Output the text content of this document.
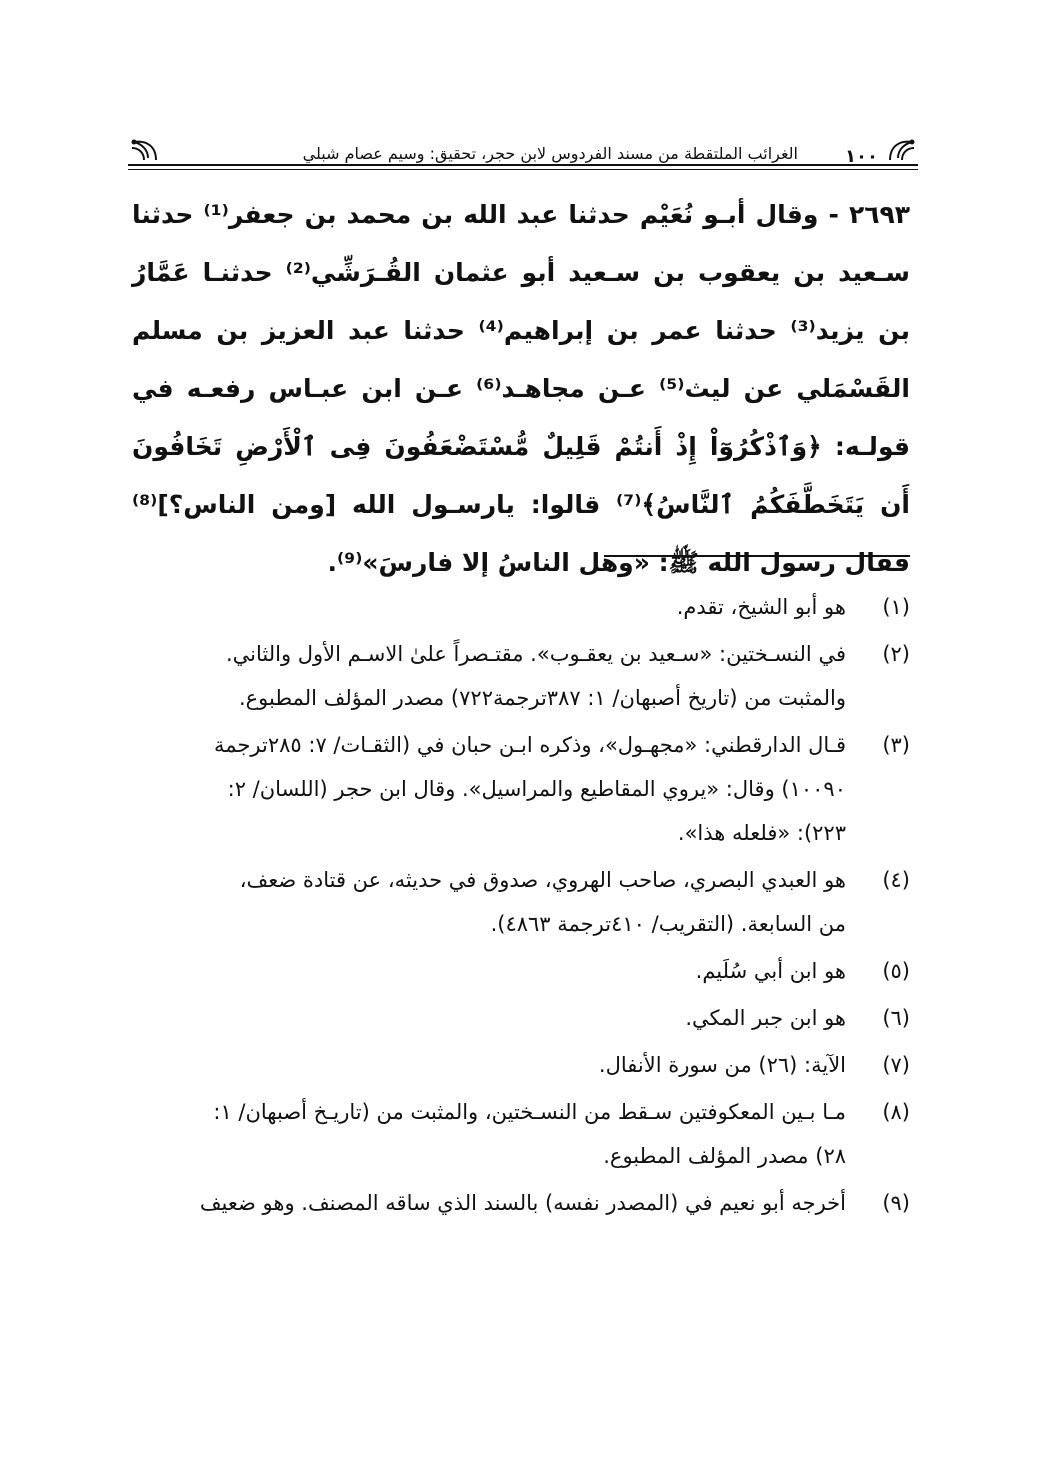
١٠٠
الغرائب الملتقطة من مسند الفردوس لابن حجر، تحقيق: وسيم عصام شبلي

٢٦٩٣ - وقال أبـو نُعَيْم حدثنا عبد الله بن محمد بن جعفر⁽¹⁾ حدثنا سـعيد بن يعقوب بن سـعيد أبو عثمان القُـرَشِّي⁽²⁾ حدثنـا عَمَّارُ بن يزيد⁽³⁾ حدثنا عمر بن إبراهيم⁽⁴⁾ حدثنا عبد العزيز بن مسلم القَسْمَلي عن ليث⁽⁵⁾ عـن مجاهـد⁽⁶⁾ عـن ابن عبـاس رفعـه في قولـه: ﴿وَٱذْكُرُوٓاْ إِذْ أَنتُمْ قَلِيلٌ مُّسْتَضْعَفُونَ فِى ٱلْأَرْضِ تَخَافُونَ أَن يَتَخَطَّفَكُمُ ٱلنَّاسُ﴾⁽⁷⁾ قالوا: يارسـول الله [ومن الناس؟]⁽⁸⁾ فقال رسول الله ﷺ: «وهل الناسُ إلا فارسَ»⁽⁹⁾.

(١)
هو أبو الشيخ، تقدم.
(٢)
في النسـختين: «سـعيد بن يعقـوب». مقتـصراً علىٰ الاسـم الأول والثاني.
والمثبت من (تاريخ أصبهان/ ١: ٣٨٧ترجمة٧٢٢) مصدر المؤلف المطبوع.
(٣)
قـال الدارقطني: «مجهـول»، وذكره ابـن حبان في (الثقـات/ ٧: ٢٨٥ترجمة
١٠٠٩٠) وقال: «يروي المقاطيع والمراسيل». وقال ابن حجر (اللسان/ ٢:
٢٢٣): «فلعله هذا».
(٤)
هو العبدي البصري، صاحب الهروي، صدوق في حديثه، عن قتادة ضعف،
من السابعة. (التقريب/ ٤١٠ترجمة ٤٨٦٣).
(٥)
هو ابن أبي سُلَيم.
(٦)
هو ابن جبر المكي.
(٧)
الآية: (٢٦) من سورة الأنفال.
(٨)
مـا بـين المعكوفتين سـقط من النسـختين، والمثبت من (تاريـخ أصبهان/ ١:
٢٨) مصدر المؤلف المطبوع.
(٩)
أخرجه أبو نعيم في (المصدر نفسه) بالسند الذي ساقه المصنف. وهو ضعيف
